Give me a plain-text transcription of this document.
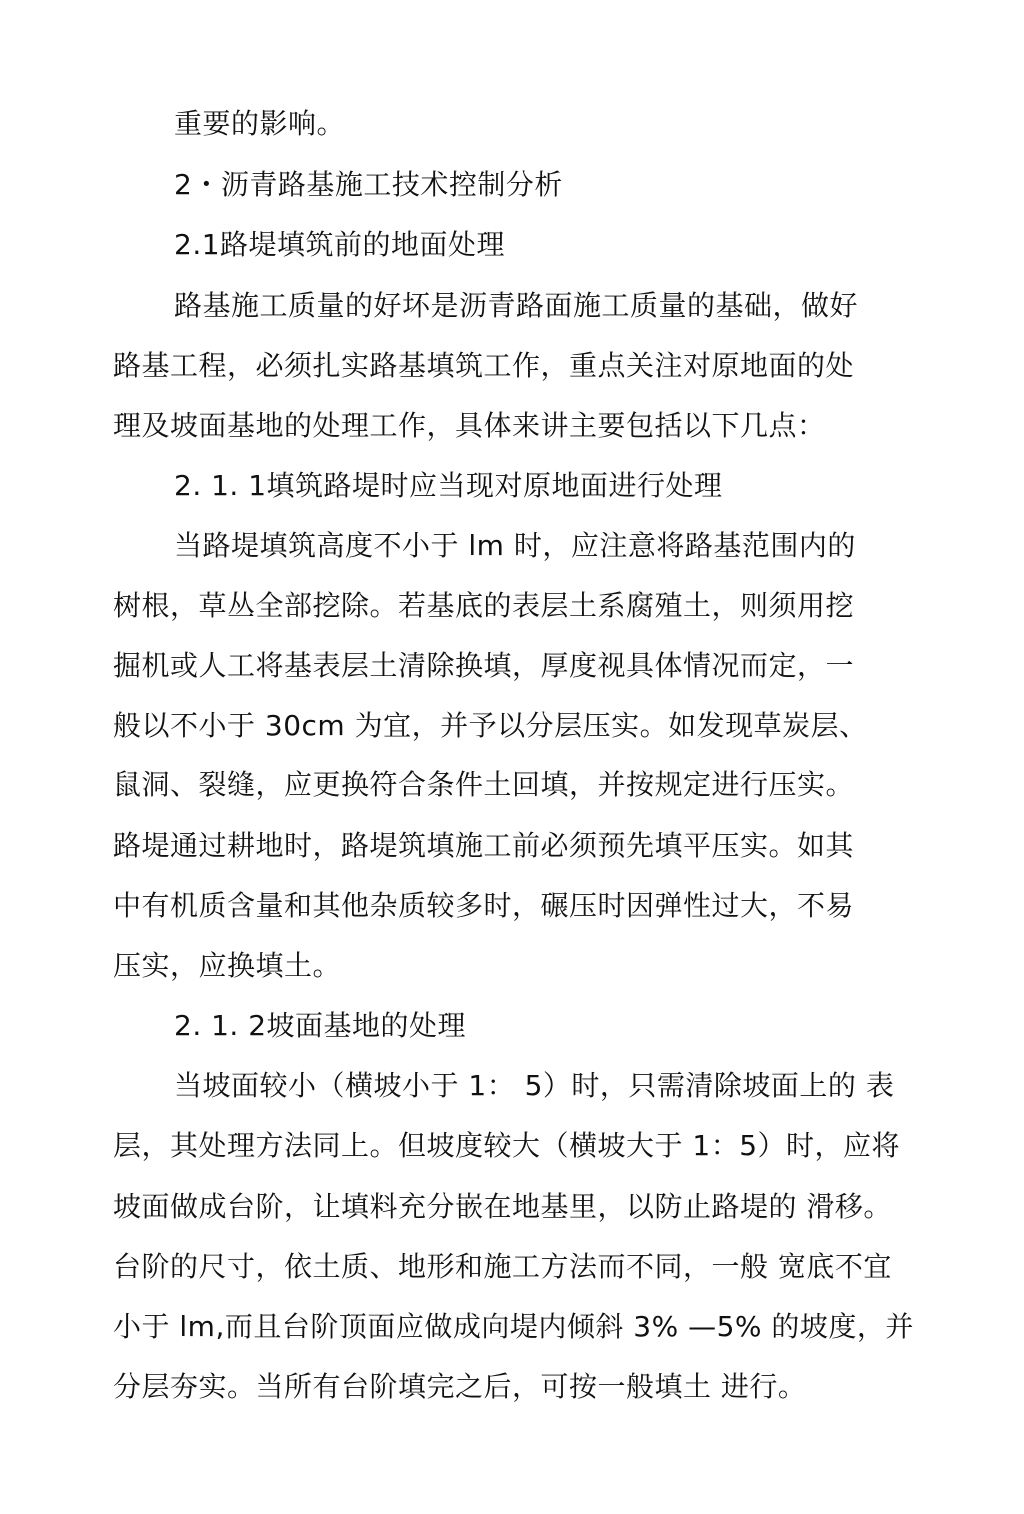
重要的影响。
2・沥青路基施工技术控制分析
2.1路堤填筑前的地面处理
路基施工质量的好坏是沥青路面施工质量的基础，做好
路基工程，必须扎实路基填筑工作，重点关注对原地面的处
理及坡面基地的处理工作，具体来讲主要包括以下几点：
2. 1. 1填筑路堤时应当现对原地面进行处理
当路堤填筑高度不小于 lm 时，应注意将路基范围内的
树根，草丛全部挖除。若基底的表层土系腐殖土，则须用挖
掘机或人工将基表层土清除换填，厚度视具体情况而定，一
般以不小于 30cm 为宜，并予以分层压实。如发现草炭层、
鼠洞、裂缝，应更换符合条件土回填，并按规定进行压实。
路堤通过耕地时，路堤筑填施工前必须预先填平压实。如其
中有机质含量和其他杂质较多时，碾压时因弹性过大，不易
压实，应换填土。
2. 1. 2坡面基地的处理
当坡面较小（横坡小于 1： 5）时，只需清除坡面上的 表
层，其处理方法同上。但坡度较大（横坡大于 1：5）时，应将
坡面做成台阶，让填料充分嵌在地基里，以防止路堤的 滑移。
台阶的尺寸，依土质、地形和施工方法而不同，一般 宽底不宜
小于 lm,而且台阶顶面应做成向堤内倾斜 3% —5% 的坡度，并
分层夯实。当所有台阶填完之后，可按一般填土 进行。
